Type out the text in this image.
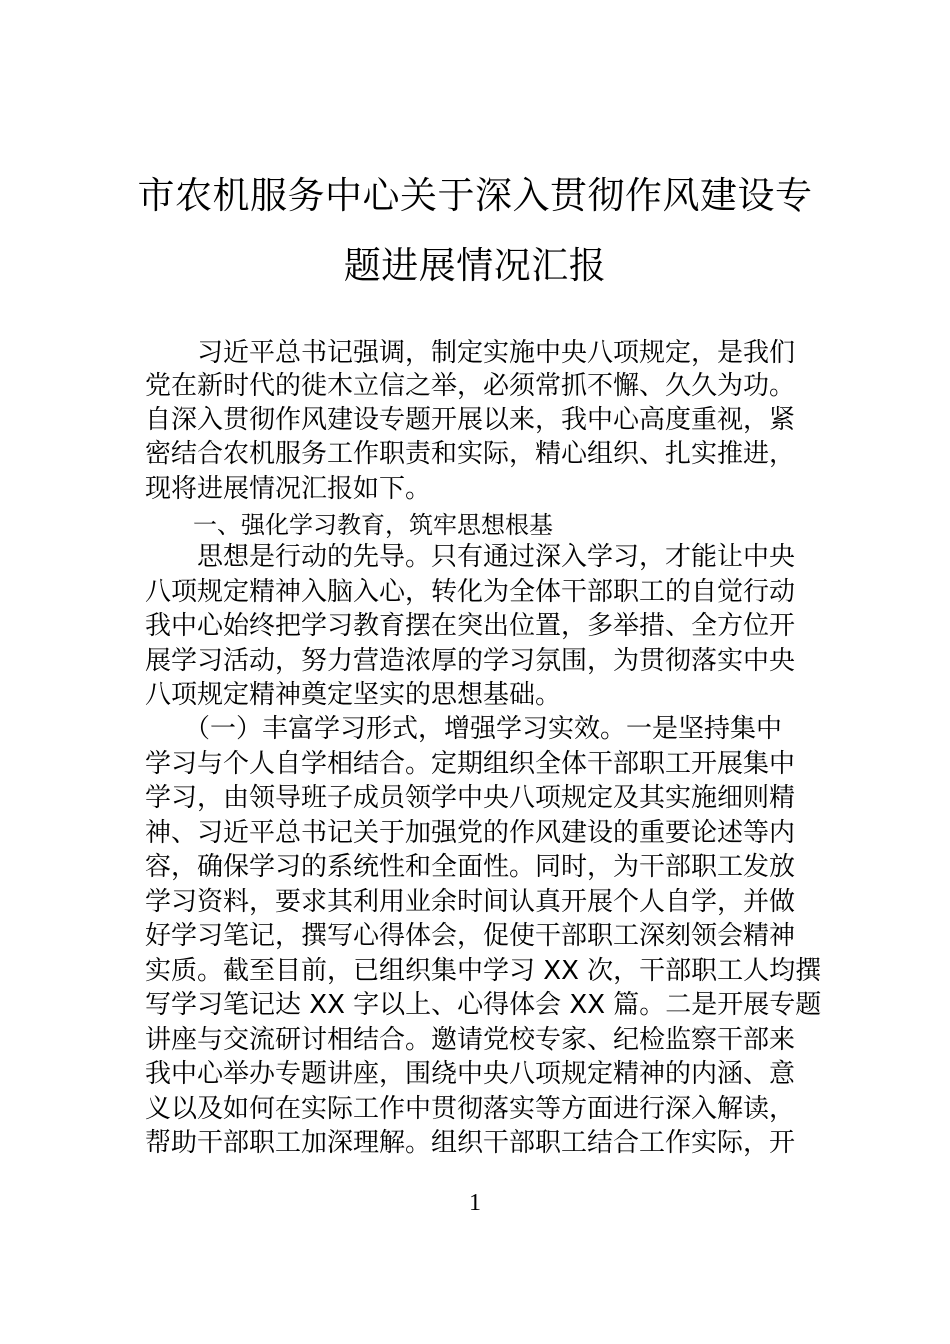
市农机服务中心关于深入贯彻作风建设专
题进展情况汇报
　　习近平总书记强调，制定实施中央八项规定，是我们
党在新时代的徙木立信之举，必须常抓不懈、久久为功。
自深入贯彻作风建设专题开展以来，我中心高度重视，紧
密结合农机服务工作职责和实际，精心组织、扎实推进，
现将进展情况汇报如下。
　　一、强化学习教育，筑牢思想根基
　　思想是行动的先导。只有通过深入学习，才能让中央
八项规定精神入脑入心，转化为全体干部职工的自觉行动
我中心始终把学习教育摆在突出位置，多举措、全方位开
展学习活动，努力营造浓厚的学习氛围，为贯彻落实中央
八项规定精神奠定坚实的思想基础。
　　（一）丰富学习形式，增强学习实效。一是坚持集中
学习与个人自学相结合。定期组织全体干部职工开展集中
学习，由领导班子成员领学中央八项规定及其实施细则精
神、习近平总书记关于加强党的作风建设的重要论述等内
容，确保学习的系统性和全面性。同时，为干部职工发放
学习资料，要求其利用业余时间认真开展个人自学，并做
好学习笔记，撰写心得体会，促使干部职工深刻领会精神
实质。截至目前，已组织集中学习 XX 次，干部职工人均撰
写学习笔记达 XX 字以上、心得体会 XX 篇。二是开展专题
讲座与交流研讨相结合。邀请党校专家、纪检监察干部来
我中心举办专题讲座，围绕中央八项规定精神的内涵、意
义以及如何在实际工作中贯彻落实等方面进行深入解读，
帮助干部职工加深理解。组织干部职工结合工作实际，开
1
